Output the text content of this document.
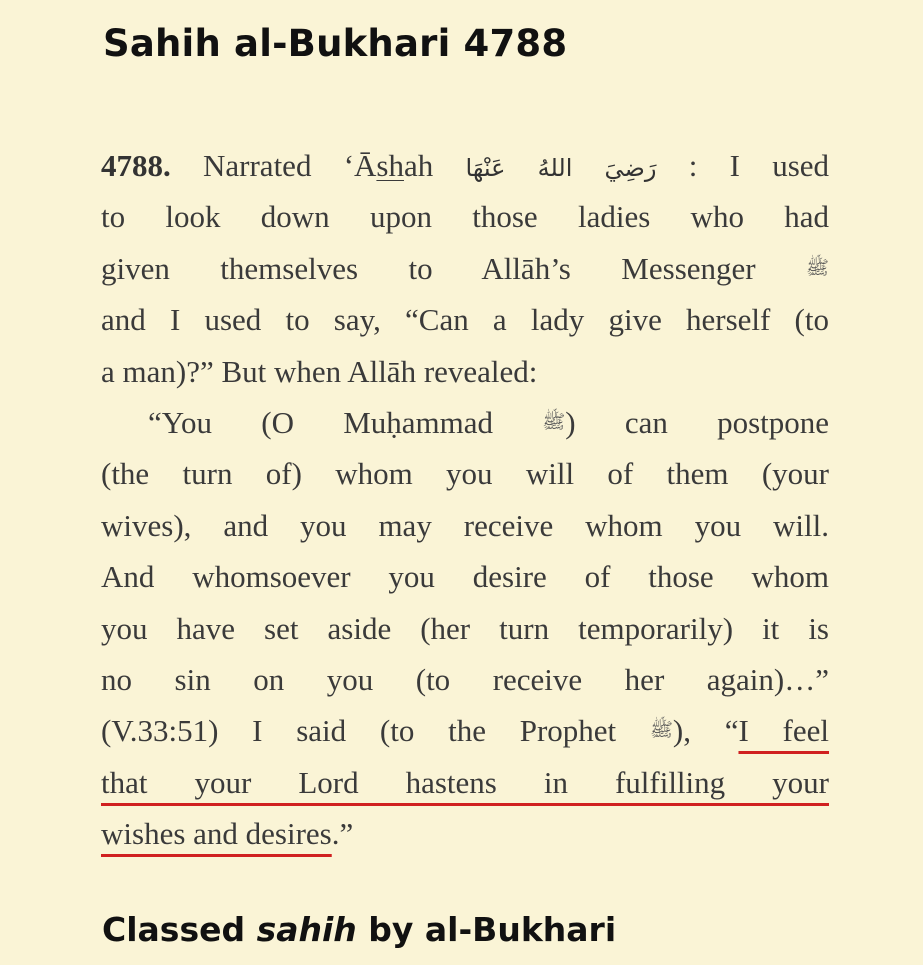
Sahih al-Bukhari 4788
4788. Narrated ‘Āshah رَضِيَ اللهُ عَنْهَا : I used
to look down upon those ladies who had
given themselves to Allāh’s Messenger	ﷺ
and I used to say, “Can a lady give herself (to
a man)?” But when Allāh revealed:
“You (O Muḥammad	ﷺ) can postpone
(the turn of) whom you will of them (your
wives), and you may receive whom you will.
And whomsoever you desire of those whom
you have set aside (her turn temporarily) it is
no sin on you (to receive her again)…”
(V.33:51) I said (to the Prophet ﷺ), “I feel
that your Lord hastens in fulfilling your
wishes and desires.”
Classed sahih by al-Bukhari
